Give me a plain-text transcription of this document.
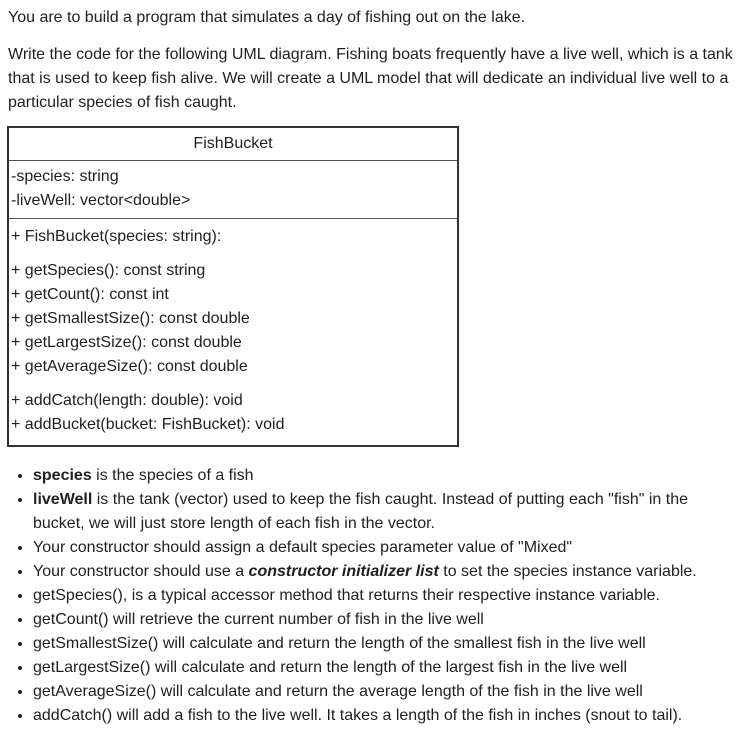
You are to build a program that simulates a day of fishing out on the lake.

Write the code for the following UML diagram. Fishing boats frequently have a live well, which is a tank that is used to keep fish alive. We will create a UML model that will dedicate an individual live well to a particular species of fish caught.

FishBucket
-species: string
-liveWell: vector<double>
+ FishBucket(species: string):
+ getSpecies(): const string
+ getCount(): const int
+ getSmallestSize(): const double
+ getLargestSize(): const double
+ getAverageSize(): const double
+ addCatch(length: double): void
+ addBucket(bucket: FishBucket): void
• species is the species of a fish
• liveWell is the tank (vector) used to keep the fish caught. Instead of putting each "fish" in the bucket, we will just store length of each fish in the vector.
• Your constructor should assign a default species parameter value of "Mixed"
• Your constructor should use a constructor initializer list to set the species instance variable.
• getSpecies(), is a typical accessor method that returns their respective instance variable.
• getCount() will retrieve the current number of fish in the live well
• getSmallestSize() will calculate and return the length of the smallest fish in the live well
• getLargestSize() will calculate and return the length of the largest fish in the live well
• getAverageSize() will calculate and return the average length of the fish in the live well
• addCatch() will add a fish to the live well. It takes a length of the fish in inches (snout to tail).
